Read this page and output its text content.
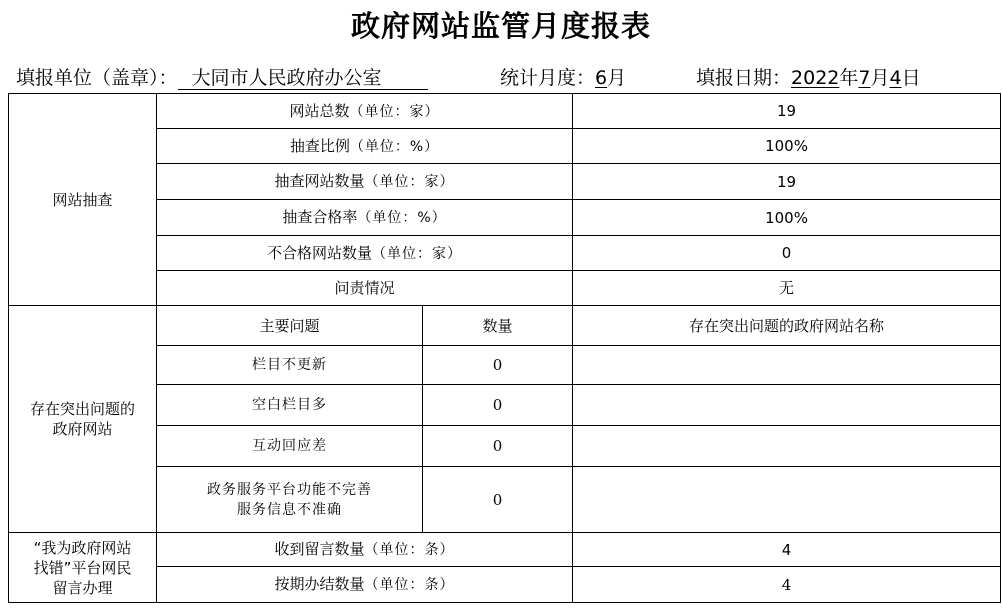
政府网站监管月度报表
填报单位（盖章）： 大同市人民政府办公室	统计月度：6月	填报日期：2022年7月4日
网站抽查	网站总数（单位：家）		19
	抽查比例（单位：%）		100%
	抽查网站数量（单位：家）		19
	抽查合格率（单位：%）		100%
	不合格网站数量（单位：家）		0
	问责情况		无
存在突出问题的
政府网站	主要问题	数量	存在突出问题的政府网站名称
	栏目不更新	0	
	空白栏目多	0	
	互动回应差	0	
	政务服务平台功能不完善
服务信息不准确	0	
“我为政府网站
找错”平台网民
留言办理	收到留言数量（单位：条）		4
	按期办结数量（单位：条）		4
